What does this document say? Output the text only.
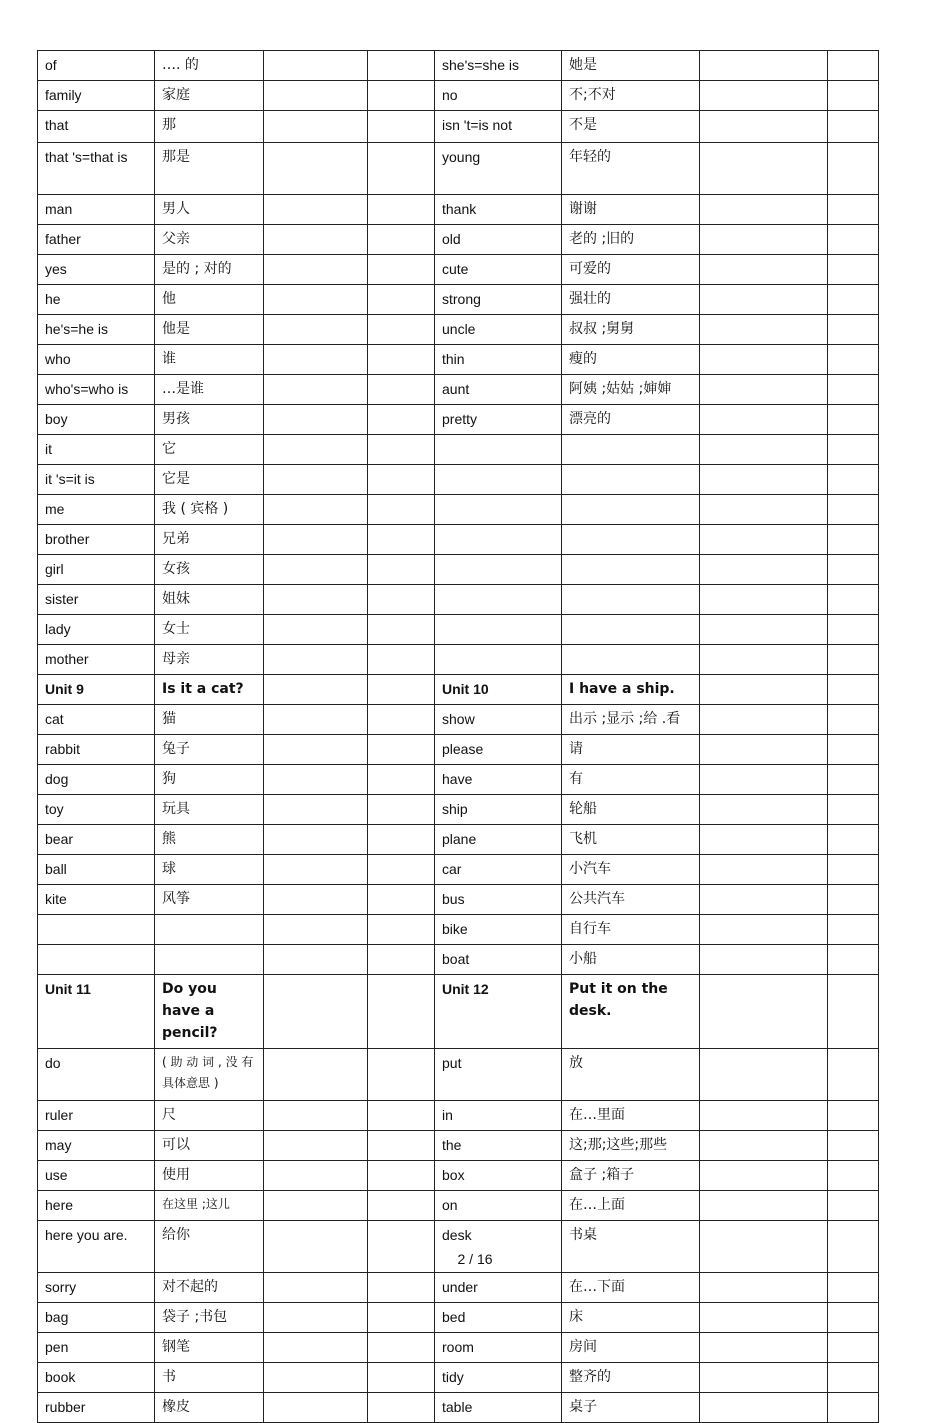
of	…. 的			she's=she is	她是		
family	家庭			no	不;不对		
that	那			isn 't=is not	不是		
that 's=that is	那是			young	年轻的		
man	男人			thank	谢谢		
father	父亲			old	老的 ;旧的		
yes	是的 ; 对的			cute	可爱的		
he	他			strong	强壮的		
he's=he is	他是			uncle	叔叔 ;舅舅		
who	谁			thin	瘦的		
who's=who is	…是谁			aunt	阿姨 ;姑姑 ;婶婶		
boy	男孩			pretty	漂亮的		
it	它						
it 's=it is	它是						
me	我 ( 宾格 )						
brother	兄弟						
girl	女孩						
sister	姐妹						
lady	女士						
mother	母亲						
Unit 9	Is it a cat?			Unit 10	I have a ship.		
cat	猫			show	出示 ;显示 ;给 .看		
rabbit	兔子			please	请		
dog	狗			have	有		
toy	玩具			ship	轮船		
bear	熊			plane	飞机		
ball	球			car	小汽车		
kite	风筝			bus	公共汽车		
				bike	自行车		
				boat	小船		
Unit 11	Do you have a pencil?			Unit 12	Put it on the desk.		
do	( 助 动 词 , 没 有 具体意思 )			put	放		
ruler	尺			in	在…里面		
may	可以			the	这;那;这些;那些		
use	使用			box	盒子 ;箱子		
here	在这里 ;这儿			on	在…上面		
here you are.	给你			desk	书桌		
sorry	对不起的			under	在…下面		
bag	袋子 ;书包			bed	床		
pen	钢笔			room	房间		
book	书			tidy	整齐的		
rubber	橡皮			table	桌子		
2 / 16
